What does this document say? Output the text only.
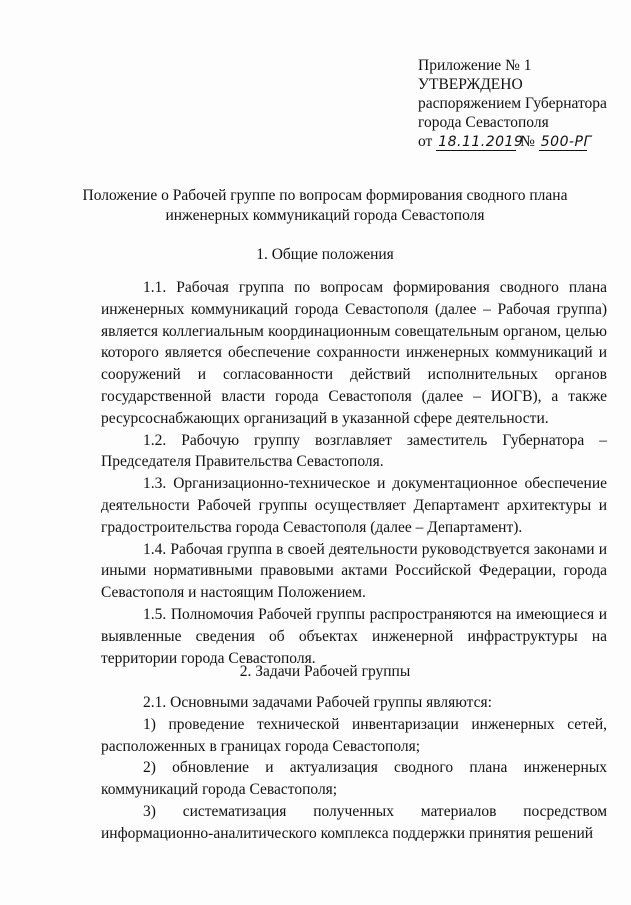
Приложение № 1
УТВЕРЖДЕНО
распоряжением Губернатора
города Севастополя
от 18.11.2019 № 500-РГ
Положение о Рабочей группе по вопросам формирования сводного плана
инженерных коммуникаций города Севастополя
1. Общие положения

1.1. Рабочая группа по вопросам формирования сводного плана инженерных коммуникаций города Севастополя (далее – Рабочая группа) является коллегиальным координационным совещательным органом, целью которого является обеспечение сохранности инженерных коммуникаций и сооружений и согласованности действий исполнительных органов государственной власти города Севастополя (далее – ИОГВ), а также ресурсоснабжающих организаций в указанной сфере деятельности.

1.2. Рабочую группу возглавляет заместитель Губернатора – Председателя Правительства Севастополя.

1.3. Организационно-техническое и документационное обеспечение деятельности Рабочей группы осуществляет Департамент архитектуры и градостроительства города Севастополя (далее – Департамент).

1.4. Рабочая группа в своей деятельности руководствуется законами и иными нормативными правовыми актами Российской Федерации, города Севастополя и настоящим Положением.

1.5. Полномочия Рабочей группы распространяются на имеющиеся и выявленные сведения об объектах инженерной инфраструктуры на территории города Севастополя.

2. Задачи Рабочей группы

2.1. Основными задачами Рабочей группы являются:

1) проведение технической инвентаризации инженерных сетей, расположенных в границах города Севастополя;

2) обновление и актуализация сводного плана инженерных коммуникаций города Севастополя;

3) систематизация полученных материалов посредством информационно-аналитического комплекса поддержки принятия решений
